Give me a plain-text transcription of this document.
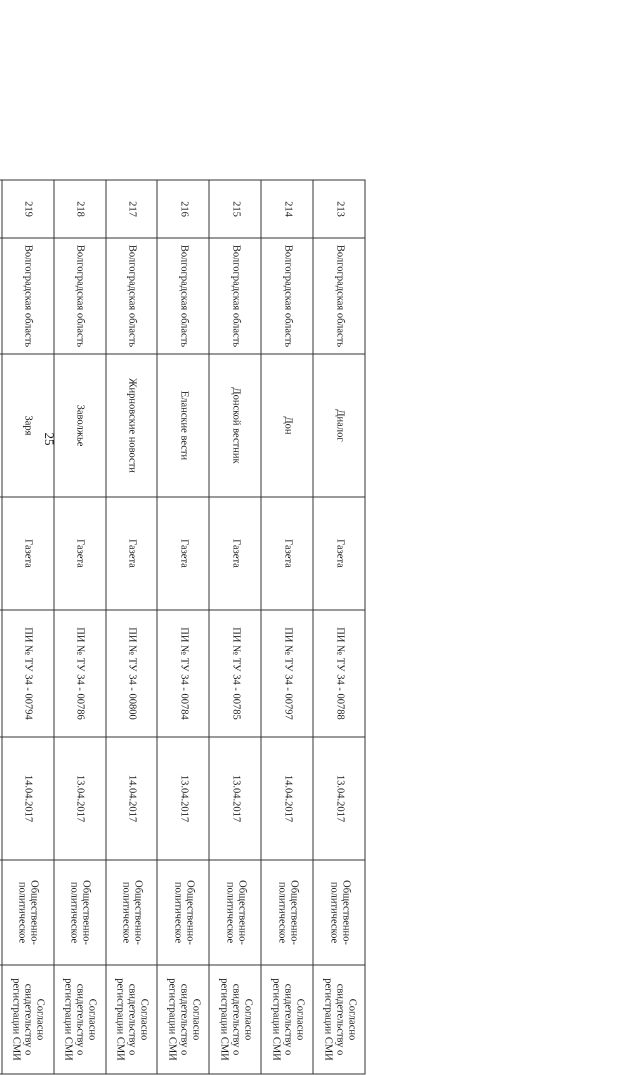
25
213	Волгоградская область	Диалог	Газета	ПИ № ТУ 34 - 00788	13.04.2017	Общественно-политическое	Согласно свидетельству о регистрации СМИ
214	Волгоградская область	Дон	Газета	ПИ № ТУ 34 - 00797	14.04.2017	Общественно-политическое	Согласно свидетельству о регистрации СМИ
215	Волгоградская область	Донской вестник	Газета	ПИ № ТУ 34 - 00785	13.04.2017	Общественно-политическое	Согласно свидетельству о регистрации СМИ
216	Волгоградская область	Еланские вести	Газета	ПИ № ТУ 34 - 00784	13.04.2017	Общественно-политическое	Согласно свидетельству о регистрации СМИ
217	Волгоградская область	Жирновские новости	Газета	ПИ № ТУ 34 - 00800	14.04.2017	Общественно-политическое	Согласно свидетельству о регистрации СМИ
218	Волгоградская область	Заволжье	Газета	ПИ № ТУ 34 - 00786	13.04.2017	Общественно-политическое	Согласно свидетельству о регистрации СМИ
219	Волгоградская область	Заря	Газета	ПИ № ТУ 34 - 00794	14.04.2017	Общественно-политическое	Согласно свидетельству о регистрации СМИ
